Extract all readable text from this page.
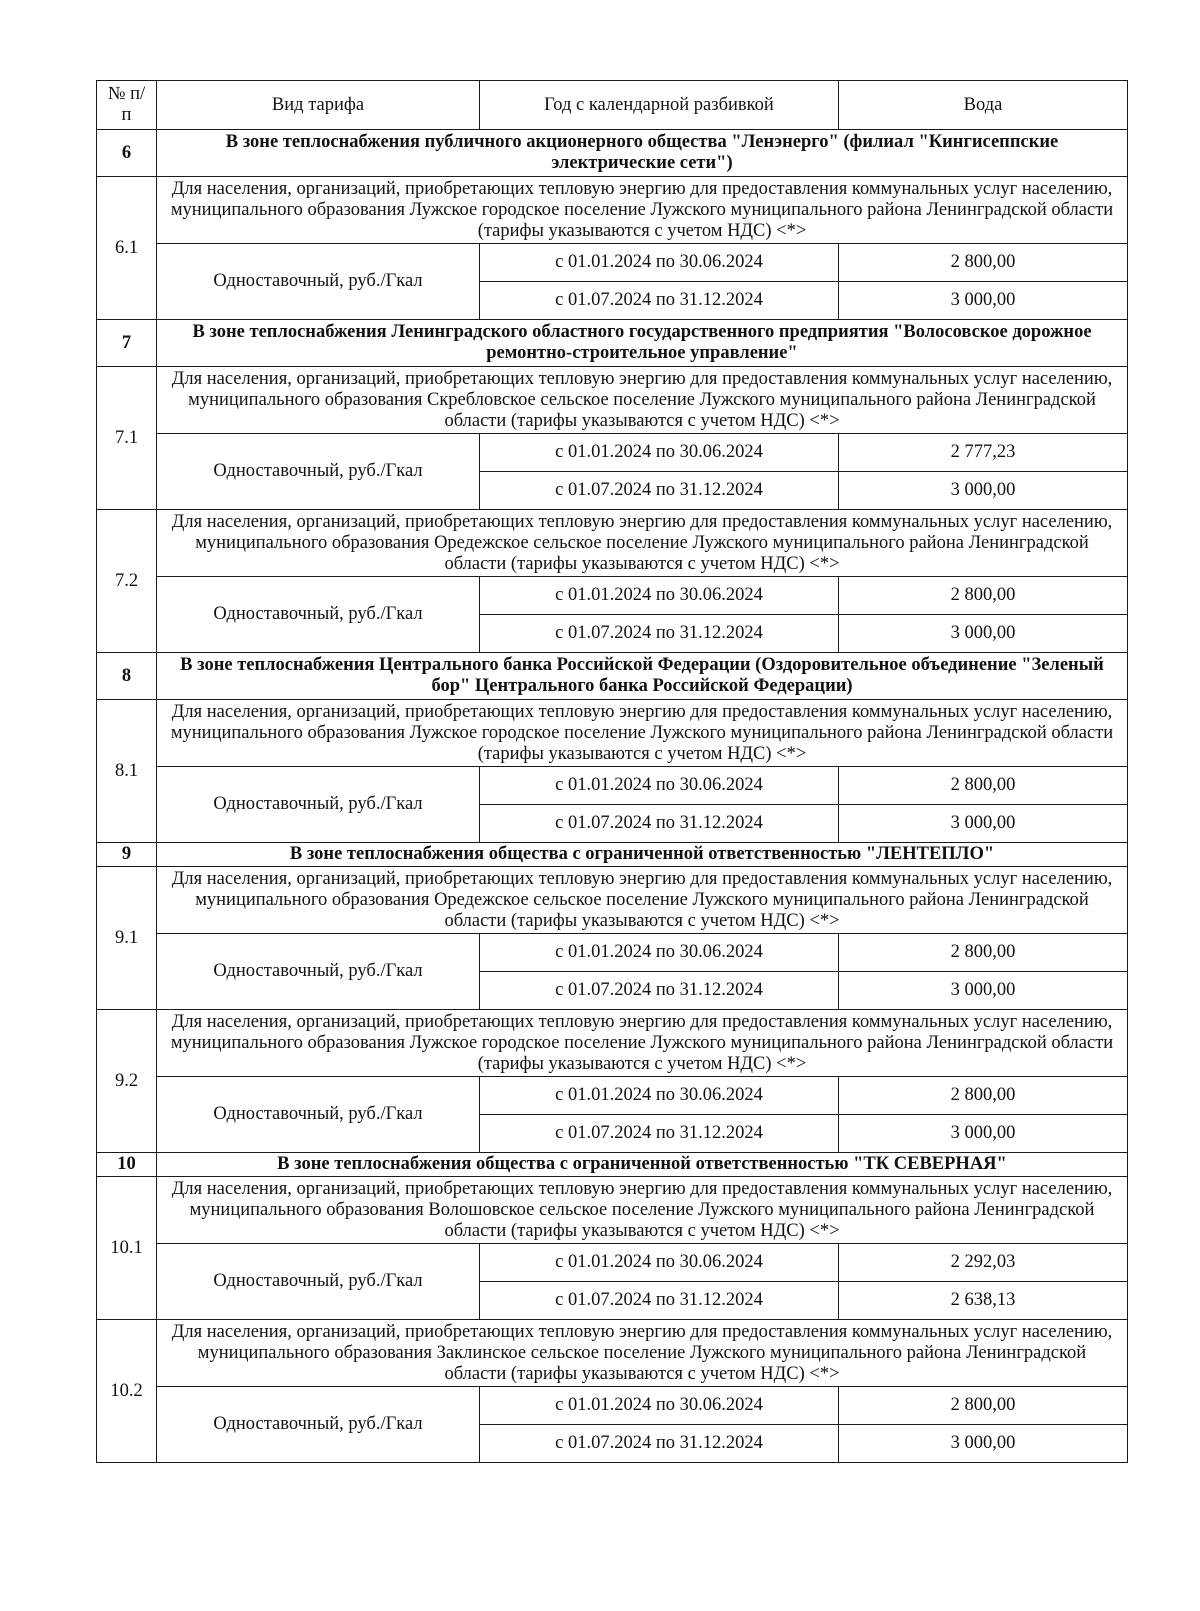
№ п/п	Вид тарифа	Год с календарной разбивкой	Вода
6	В зоне теплоснабжения публичного акционерного общества "Ленэнерго" (филиал "Кингисеппские электрические сети")		
6.1	Для населения, организаций, приобретающих тепловую энергию для предоставления коммунальных услуг населению, муниципального образования Лужское городское поселение Лужского муниципального района Ленинградской области (тарифы указываются с учетом НДС) <*>		
	Одноставочный, руб./Гкал	с 01.01.2024 по 30.06.2024	2 800,00
		с 01.07.2024 по 31.12.2024	3 000,00
7	В зоне теплоснабжения Ленинградского областного государственного предприятия "Волосовское дорожное ремонтно-строительное управление"		
7.1	Для населения, организаций, приобретающих тепловую энергию для предоставления коммунальных услуг населению, муниципального образования Скребловское сельское поселение Лужского муниципального района Ленинградской области (тарифы указываются с учетом НДС) <*>		
	Одноставочный, руб./Гкал	с 01.01.2024 по 30.06.2024	2 777,23
		с 01.07.2024 по 31.12.2024	3 000,00
7.2	Для населения, организаций, приобретающих тепловую энергию для предоставления коммунальных услуг населению, муниципального образования Оредежское сельское поселение Лужского муниципального района Ленинградской области (тарифы указываются с учетом НДС) <*>		
	Одноставочный, руб./Гкал	с 01.01.2024 по 30.06.2024	2 800,00
		с 01.07.2024 по 31.12.2024	3 000,00
8	В зоне теплоснабжения Центрального банка Российской Федерации (Оздоровительное объединение "Зеленый бор" Центрального банка Российской Федерации)		
8.1	Для населения, организаций, приобретающих тепловую энергию для предоставления коммунальных услуг населению, муниципального образования Лужское городское поселение Лужского муниципального района Ленинградской области (тарифы указываются с учетом НДС) <*>		
	Одноставочный, руб./Гкал	с 01.01.2024 по 30.06.2024	2 800,00
		с 01.07.2024 по 31.12.2024	3 000,00
9	В зоне теплоснабжения общества с ограниченной ответственностью "ЛЕНТЕПЛО"		
9.1	Для населения, организаций, приобретающих тепловую энергию для предоставления коммунальных услуг населению, муниципального образования Оредежское сельское поселение Лужского муниципального района Ленинградской области (тарифы указываются с учетом НДС) <*>		
	Одноставочный, руб./Гкал	с 01.01.2024 по 30.06.2024	2 800,00
		с 01.07.2024 по 31.12.2024	3 000,00
9.2	Для населения, организаций, приобретающих тепловую энергию для предоставления коммунальных услуг населению, муниципального образования Лужское городское поселение Лужского муниципального района Ленинградской области (тарифы указываются с учетом НДС) <*>		
	Одноставочный, руб./Гкал	с 01.01.2024 по 30.06.2024	2 800,00
		с 01.07.2024 по 31.12.2024	3 000,00
10	В зоне теплоснабжения общества с ограниченной ответственностью "ТК СЕВЕРНАЯ"		
10.1	Для населения, организаций, приобретающих тепловую энергию для предоставления коммунальных услуг населению, муниципального образования Волошовское сельское поселение Лужского муниципального района Ленинградской области (тарифы указываются с учетом НДС) <*>		
	Одноставочный, руб./Гкал	с 01.01.2024 по 30.06.2024	2 292,03
		с 01.07.2024 по 31.12.2024	2 638,13
10.2	Для населения, организаций, приобретающих тепловую энергию для предоставления коммунальных услуг населению, муниципального образования Заклинское сельское поселение Лужского муниципального района Ленинградской области (тарифы указываются с учетом НДС) <*>		
	Одноставочный, руб./Гкал	с 01.01.2024 по 30.06.2024	2 800,00
		с 01.07.2024 по 31.12.2024	3 000,00
